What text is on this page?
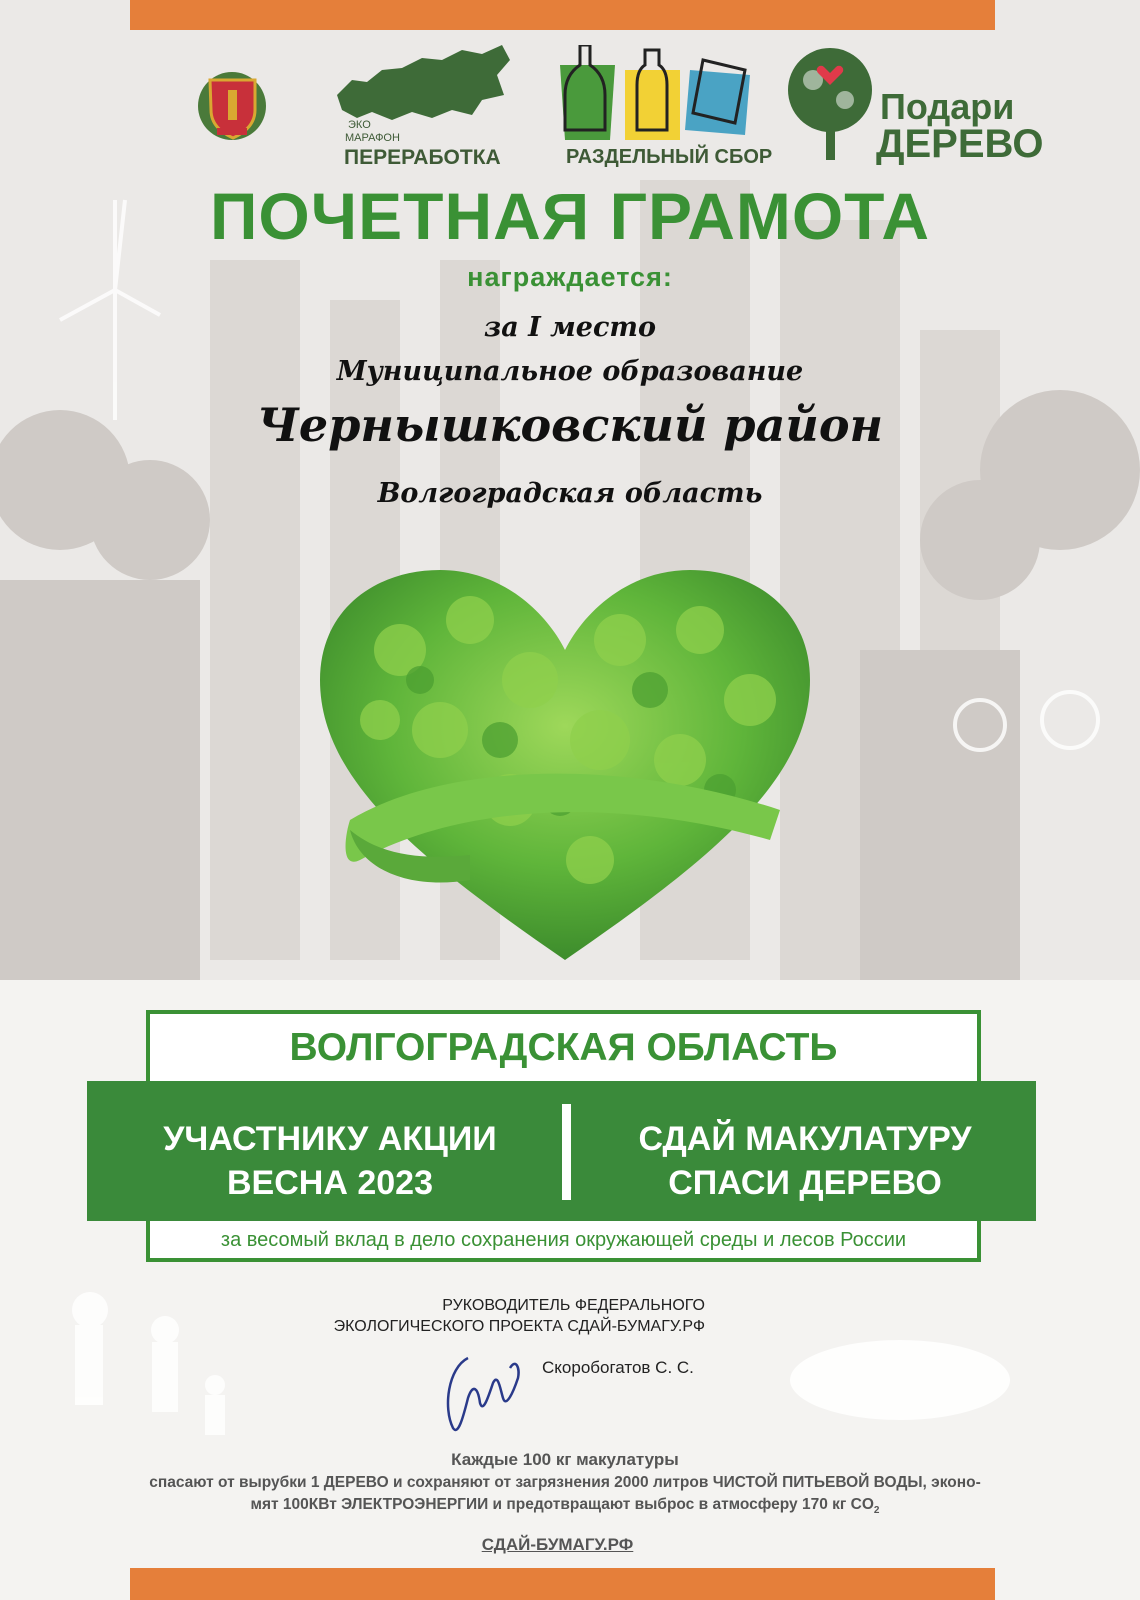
ЭКО
МАРАФОН
ПЕРЕРАБОТКА	РАЗДЕЛЬНЫЙ СБОР
Подари
ДЕРЕВО
ПОЧЕТНАЯ ГРАМОТА
награждается:
за I место
Муниципальное образование
Чернышковский район
Волгоградская область
ВОЛГОГРАДСКАЯ ОБЛАСТЬ
УЧАСТНИКУ АКЦИИ
ВЕСНА 2023
СДАЙ МАКУЛАТУРУ
СПАСИ ДЕРЕВО
за весомый вклад в дело сохранения окружающей среды и лесов России
РУКОВОДИТЕЛЬ ФЕДЕРАЛЬНОГО
ЭКОЛОГИЧЕСКОГО ПРОЕКТА СДАЙ-БУМАГУ.РФ
Скоробогатов С. С.
Каждые 100 кг макулатуры
спасают от вырубки 1 ДЕРЕВО и сохраняют от загрязнения 2000 литров ЧИСТОЙ ПИТЬЕВОЙ ВОДЫ, эконо-
мят 100КВт ЭЛЕКТРОЭНЕРГИИ и предотвращают выброс в атмосферу 170 кг $CO_2$
СДАЙ-БУМАГУ.РФ
